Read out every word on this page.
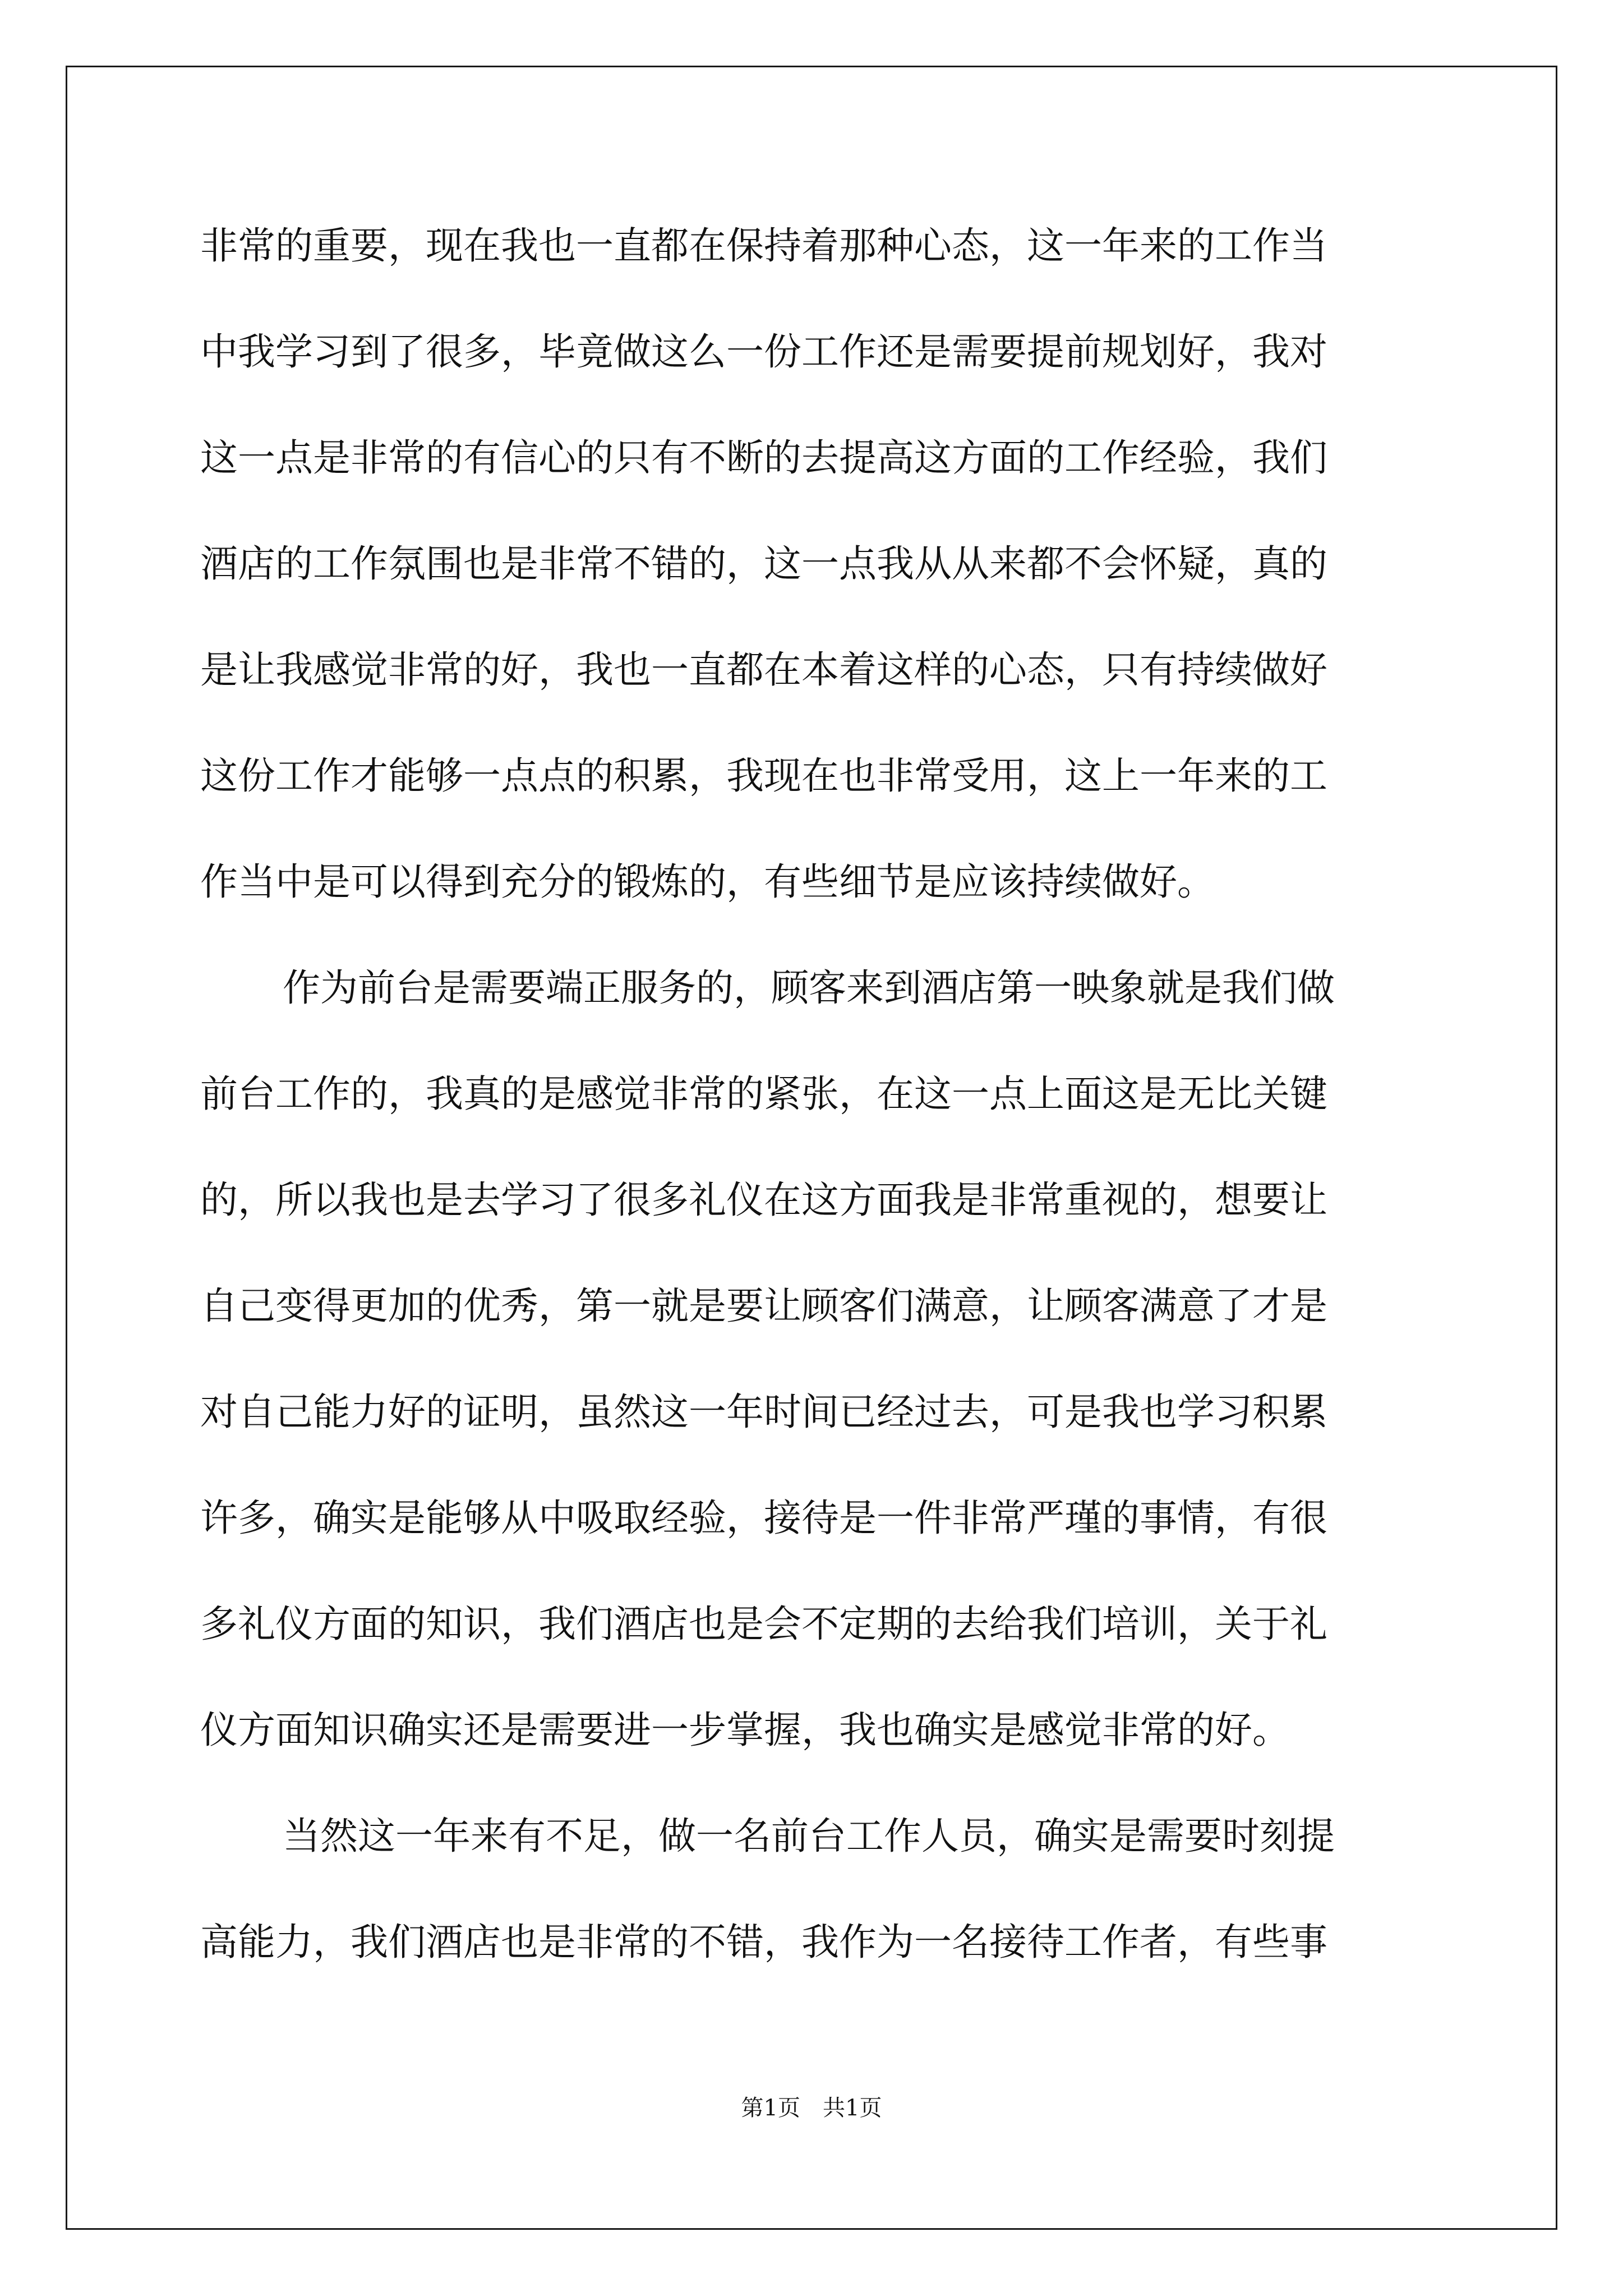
非常的重要，现在我也一直都在保持着那种心态，这一年来的工作当
中我学习到了很多，毕竟做这么一份工作还是需要提前规划好，我对
这一点是非常的有信心的只有不断的去提高这方面的工作经验，我们
酒店的工作氛围也是非常不错的，这一点我从从来都不会怀疑，真的
是让我感觉非常的好，我也一直都在本着这样的心态，只有持续做好
这份工作才能够一点点的积累，我现在也非常受用，这上一年来的工
作当中是可以得到充分的锻炼的，有些细节是应该持续做好。
作为前台是需要端正服务的，顾客来到酒店第一映象就是我们做
前台工作的，我真的是感觉非常的紧张，在这一点上面这是无比关键
的，所以我也是去学习了很多礼仪在这方面我是非常重视的，想要让
自己变得更加的优秀，第一就是要让顾客们满意，让顾客满意了才是
对自己能力好的证明，虽然这一年时间已经过去，可是我也学习积累
许多，确实是能够从中吸取经验，接待是一件非常严瑾的事情，有很
多礼仪方面的知识，我们酒店也是会不定期的去给我们培训，关于礼
仪方面知识确实还是需要进一步掌握，我也确实是感觉非常的好。
当然这一年来有不足，做一名前台工作人员，确实是需要时刻提
高能力，我们酒店也是非常的不错，我作为一名接待工作者，有些事
第1页 共1页
